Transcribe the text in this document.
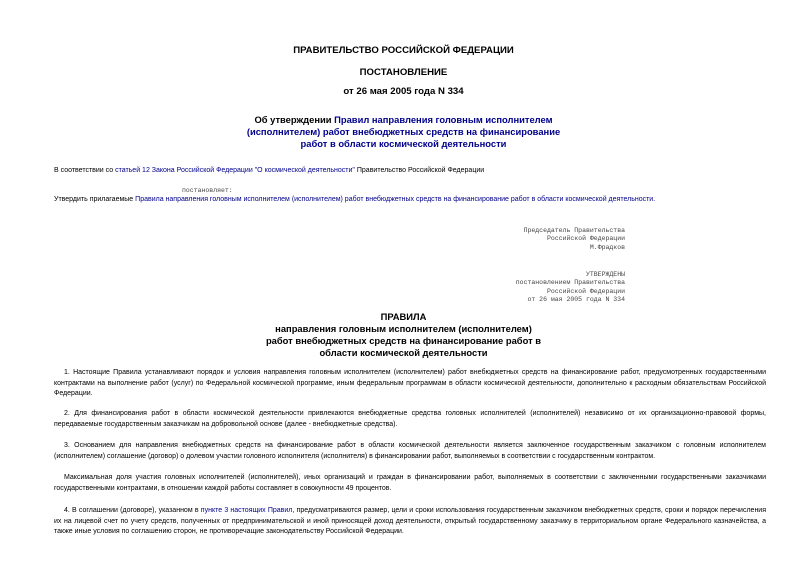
ПРАВИТЕЛЬСТВО РОССИЙСКОЙ ФЕДЕРАЦИИ
ПОСТАНОВЛЕНИЕ
от 26 мая 2005 года N 334
Об утверждении Правил направления головным исполнителем
(исполнителем) работ внебюджетных средств на финансирование
работ в области космической деятельности
В соответствии со статьей 12 Закона Российской Федерации "О космической деятельности" Правительство Российской Федерации
постановляет:
Утвердить прилагаемые Правила направления головным исполнителем (исполнителем) работ внебюджетных средств на финансирование работ в области космической деятельности.
Председатель Правительства
Российской Федерации
М.Фрадков
УТВЕРЖДЕНЫ
постановлением Правительства
Российской Федерации
от 26 мая 2005 года N 334
ПРАВИЛА
направления головным исполнителем (исполнителем)
работ внебюджетных средств на финансирование работ в
области космической деятельности
1. Настоящие Правила устанавливают порядок и условия направления головным исполнителем (исполнителем) работ внебюджетных средств на финансирование работ, предусмотренных государственными контрактами на выполнение работ (услуг) по Федеральной космической программе, иным федеральным программам в области космической деятельности, дополнительно к расходным обязательствам Российской Федерации.
2. Для финансирования работ в области космической деятельности привлекаются внебюджетные средства головных исполнителей (исполнителей) независимо от их организационно-правовой формы, передаваемые государственным заказчикам на добровольной основе (далее - внебюджетные средства).
3. Основанием для направления внебюджетных средств на финансирование работ в области космической деятельности является заключенное государственным заказчиком с головным исполнителем (исполнителем) соглашение (договор) о долевом участии головного исполнителя (исполнителя) в финансировании работ, выполняемых в соответствии с государственным контрактом.
Максимальная доля участия головных исполнителей (исполнителей), иных организаций и граждан в финансировании работ, выполняемых в соответствии с заключенными государственными заказчиками государственными контрактами, в отношении каждой работы составляет в совокупности 49 процентов.
4. В соглашении (договоре), указанном в пункте 3 настоящих Правил, предусматриваются размер, цели и сроки использования государственным заказчиком внебюджетных средств, сроки и порядок перечисления их на лицевой счет по учету средств, полученных от предпринимательской и иной приносящей доход деятельности, открытый государственному заказчику в территориальном органе Федерального казначейства, а также иные условия по соглашению сторон, не противоречащие законодательству Российской Федерации.
